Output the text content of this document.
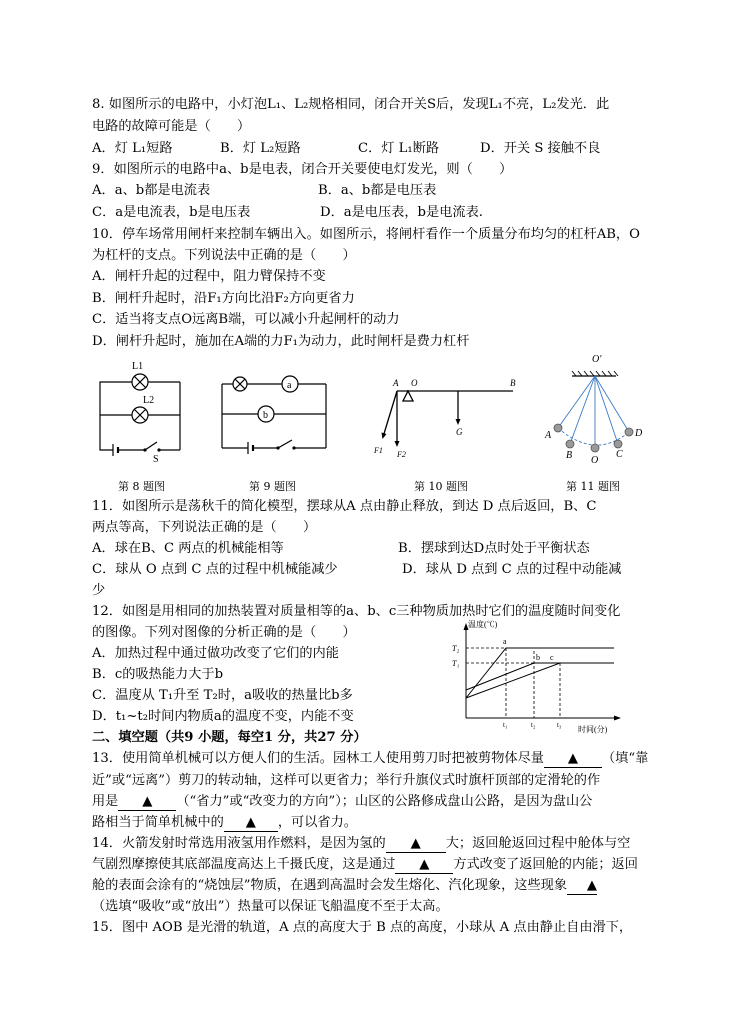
8. 如图所示的电路中，小灯泡L₁、L₂规格相同，闭合开关S后，发现L₁不亮，L₂发光．此
电路的故障可能是（　　）
A．灯 L₁短路	B．灯 L₂短路	C．灯 L₁断路	D．开关 S 接触不良
9．如图所示的电路中a、b是电表，闭合开关要使电灯发光，则（　　）
A．a、b都是电流表	B．a、b都是电压表
C．a是电流表，b是电压表	D．a是电压表，b是电流表.
10．停车场常用闸杆来控制车辆出入。如图所示，将闸杆看作一个质量分布均匀的杠杆AB，O
为杠杆的支点。下列说法中正确的是（　　）
A．闸杆升起的过程中，阻力臂保持不变
B．闸杆升起时，沿F₁方向比沿F₂方向更省力
C．适当将支点O远离B端，可以减小升起闸杆的动力
D．闸杆升起时，施加在A端的力F₁为动力，此时闸杆是费力杠杆
L1
L2
S
第 8 题图
a
b
第 9 题图
A O	B
G
F1 F2
第 10 题图
O'
A
B O
C
D
第 11 题图
11．如图所示是荡秋千的简化模型，摆球从A 点由静止释放，到达 D 点后返回，B、C
两点等高，下列说法正确的是（　　）
A．球在B、C 两点的机械能相等	B．摆球到达D点时处于平衡状态
C．球从 O 点到 C 点的过程中机械能减少	D．球从 D 点到 C 点的过程中动能减
少
12．如图是用相同的加热装置对质量相等的a、b、c三种物质加热时它们的温度随时间变化
的图像。下列对图像的分析正确的是（　　）
A．加热过程中通过做功改变了它们的内能
B．c的吸热能力大于b
C．温度从 T₁升至 T₂时，a吸收的热量比b多
D．t₁~t₂时间内物质a的温度不变，内能不变
温度(℃)
时间(分)
T₂
T₁
t₁	t₂	t₃
a
b c
二、填空题（共9 小题，每空1 分，共27 分）
13．使用简单机械可以方便人们的生活。园林工人使用剪刀时把被剪物体尽量 ▲ （填“靠
近”或“远离”）剪刀的转动轴，这样可以更省力；举行升旗仪式时旗杆顶部的定滑轮的作
用是 ▲ （“省力”或“改变力的方向”）；山区的公路修成盘山公路，是因为盘山公
路相当于简单机械中的 ▲ ，可以省力。
14．火箭发射时常选用液氢用作燃料，是因为氢的 ▲ 大；返回舱返回过程中舱体与空
气剧烈摩擦使其底部温度高达上千摄氏度，这是通过 ▲ 方式改变了返回舱的内能；返回
舱的表面会涂有的“烧蚀层”物质，在遇到高温时会发生熔化、汽化现象，这些现象 ▲
（选填“吸收”或“放出”）热量可以保证飞船温度不至于太高。
15．图中 AOB 是光滑的轨道，A 点的高度大于 B 点的高度，小球从 A 点由静止自由滑下，
